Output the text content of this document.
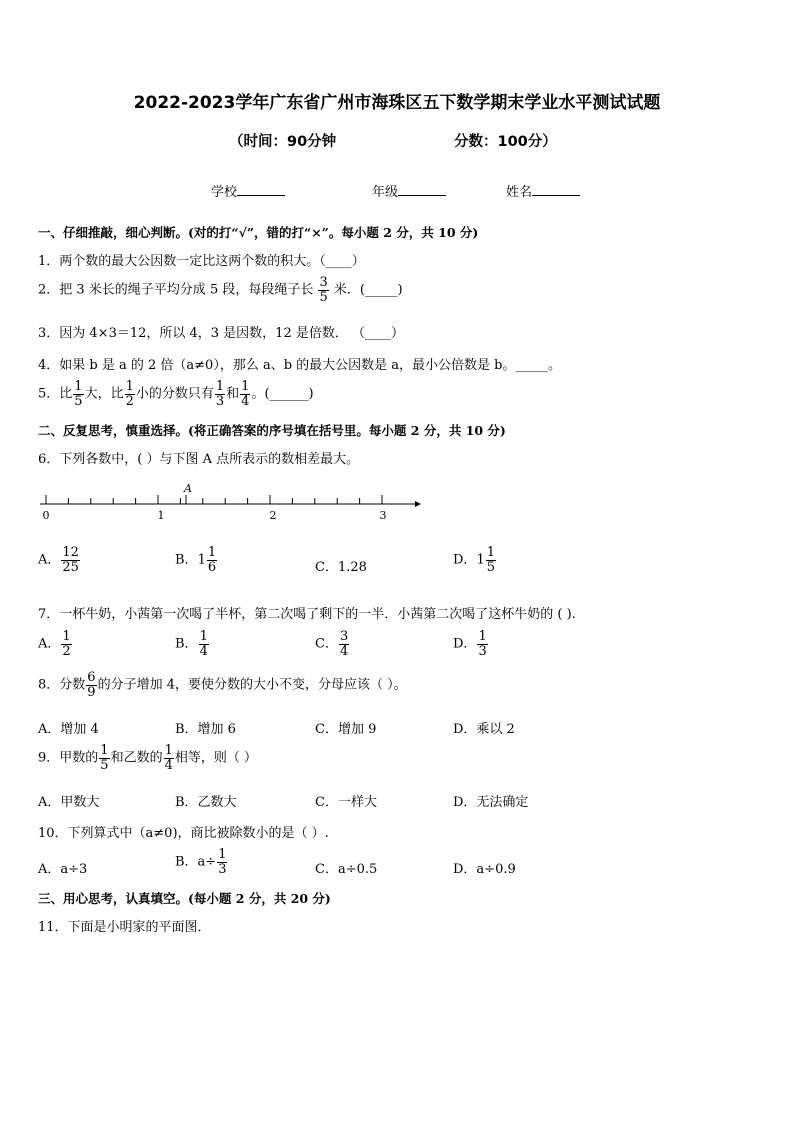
2022-2023学年广东省广州市海珠区五下数学期末学业水平测试试题
（时间：90分钟	分数：100分）
学校	年级	姓名
一、仔细推敲，细心判断。(对的打“√”，错的打“×”。每小题 2 分，共 10 分)
1．两个数的最大公因数一定比这两个数的积大。（____）
2．把 3 米长的绳子平均分成 5 段，每段绳子长 $\frac{3}{5}$ 米．(_____)
3．因为 4×3＝12，所以 4，3 是因数，12 是倍数． （____）
4．如果 b 是 a 的 2 倍（a≠0），那么 a、b 的最大公因数是 a，最小公倍数是 b。_____。
5．比 $\frac{1}{5}$ 大，比 $\frac{1}{2}$ 小的分数只有 $\frac{1}{3}$ 和 $\frac{1}{4}$ 。(______)
二、反复思考，慎重选择。(将正确答案的序号填在括号里。每小题 2 分，共 10 分)
6．下列各数中，( ）与下图 A 点所表示的数相差最大。
A
0	1	2	3
A． $\frac{12}{25}$	B．$1 \frac{1}{6}$	C．1.28	D．$1 \frac{1}{5}$
7．一杯牛奶，小茜第一次喝了半杯，第二次喝了剩下的一半．小茜第二次喝了这杯牛奶的 ( ).
A． $\frac{1}{2}$	B． $\frac{1}{4}$	C． $\frac{3}{4}$	D． $\frac{1}{3}$
8．分数 $\frac{6}{9}$ 的分子增加 4，要使分数的大小不变，分母应该（ ）。
A．增加 4	B．增加 6	C．增加 9	D．乘以 2
9．甲数的 $\frac{1}{5}$ 和乙数的 $\frac{1}{4}$ 相等，则（ ）
A．甲数大	B．乙数大	C．一样大	D．无法确定
10．下列算式中（a≠0)，商比被除数小的是（ ）.
A．a÷3	B．$a\div \frac{1}{3}$	C．a÷0.5	D．a÷0.9
三、用心思考，认真填空。(每小题 2 分，共 20 分)
11．下面是小明家的平面图．
